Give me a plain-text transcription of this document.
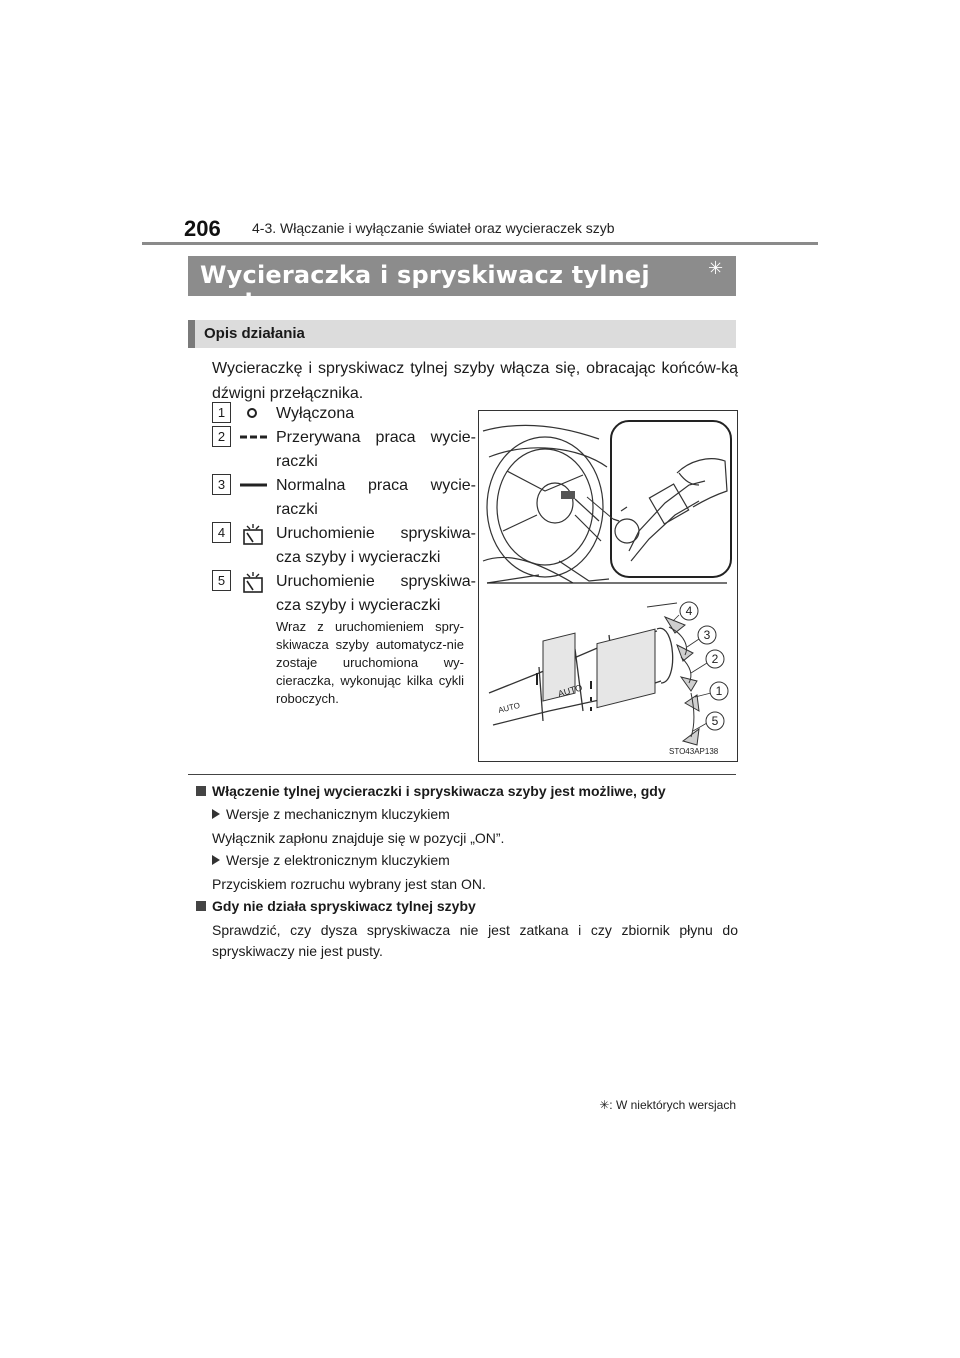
206 4-3. Włączanie i wyłączanie świateł oraz wycieraczek szyb
Wycieraczka i spryskiwacz tylnej szyby
✳
Opis działania
Wycieraczkę i spryskiwacz tylnej szyby włącza się, obracając końców-ką dźwigni przełącznika.
1	Wyłączona
2	Przerywana praca wycie-raczki
3	Normalna praca wycie-raczki
4	Uruchomienie spryskiwa-cza szyby i wycieraczki
5	Uruchomienie spryskiwa-cza szyby i wycieraczki
Wraz z uruchomieniem spry-skiwacza szyby automatycz-nie zostaje uruchomiona wy-cieraczka, wykonując kilka cykli roboczych.	AUTO
AUTO
4
3
2
1
5
STO43AP138
Włączenie tylnej wycieraczki i spryskiwacza szyby jest możliwe, gdy
Wersje z mechanicznym kluczykiem
Wyłącznik zapłonu znajduje się w pozycji „ON”.
Wersje z elektronicznym kluczykiem
Przyciskiem rozruchu wybrany jest stan ON.
Gdy nie działa spryskiwacz tylnej szyby
Sprawdzić, czy dysza spryskiwacza nie jest zatkana i czy zbiornik płynu do spryskiwaczy nie jest pusty.
✳: W niektórych wersjach
